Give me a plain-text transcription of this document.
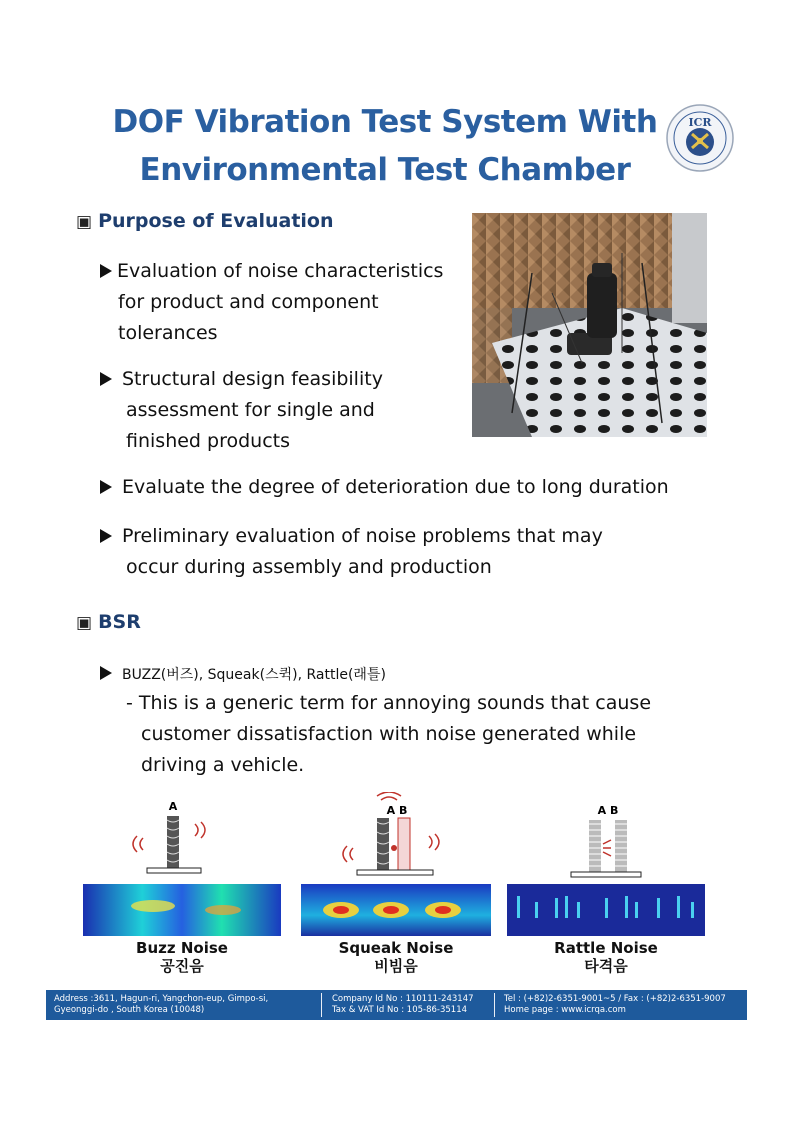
DOF Vibration Test System With
Environmental Test Chamber
ICR
▣ Purpose of Evaluation
Evaluation of noise characteristics
for product and component
tolerances
Structural design feasibility
assessment for single and
finished products
Evaluate the degree of deterioration due to long duration
Preliminary evaluation of noise problems that may
occur during assembly and production
▣ BSR
BUZZ(버즈), Squeak(스퀵), Rattle(래틀)
- This is a generic term for annoying sounds that cause
customer dissatisfaction with noise generated while
driving a vehicle.
A
Buzz Noise
공진음
A B
Squeak Noise
비빔음
A B
Rattle Noise
타격음
Address :3611, Hagun-ri, Yangchon-eup, Gimpo-si,
Gyeonggi-do , South Korea (10048)
Company Id No : 110111-243147
Tax & VAT Id No : 105-86-35114
Tel : (+82)2-6351-9001~5 / Fax : (+82)2-6351-9007
Home page : www.icrqa.com
